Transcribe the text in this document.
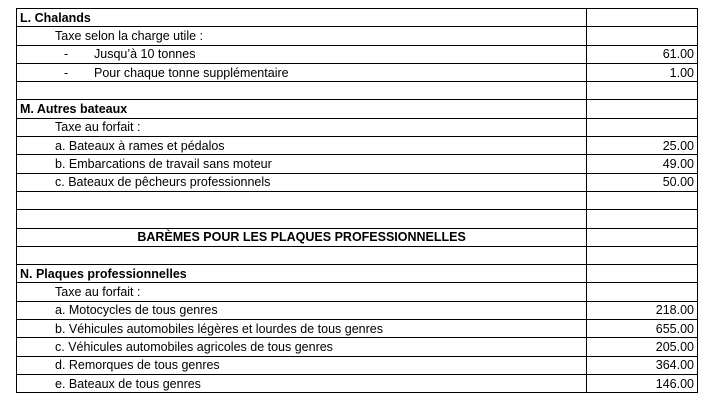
L. Chalands	
Taxe selon la charge utile :	
- Jusqu’à 10 tonnes	61.00
- Pour chaque tonne supplémentaire	1.00

M. Autres bateaux	
Taxe au forfait :	
a. Bateaux à rames et pédalos	25.00
b. Embarcations de travail sans moteur	49.00
c. Bateaux de pêcheurs professionnels	50.00

BARÈMES POUR LES PLAQUES PROFESSIONNELLES	

N. Plaques professionnelles	
Taxe au forfait :	
a. Motocycles de tous genres	218.00
b. Véhicules automobiles légères et lourdes de tous genres	655.00
c. Véhicules automobiles agricoles de tous genres	205.00
d. Remorques de tous genres	364.00
e. Bateaux de tous genres	146.00
